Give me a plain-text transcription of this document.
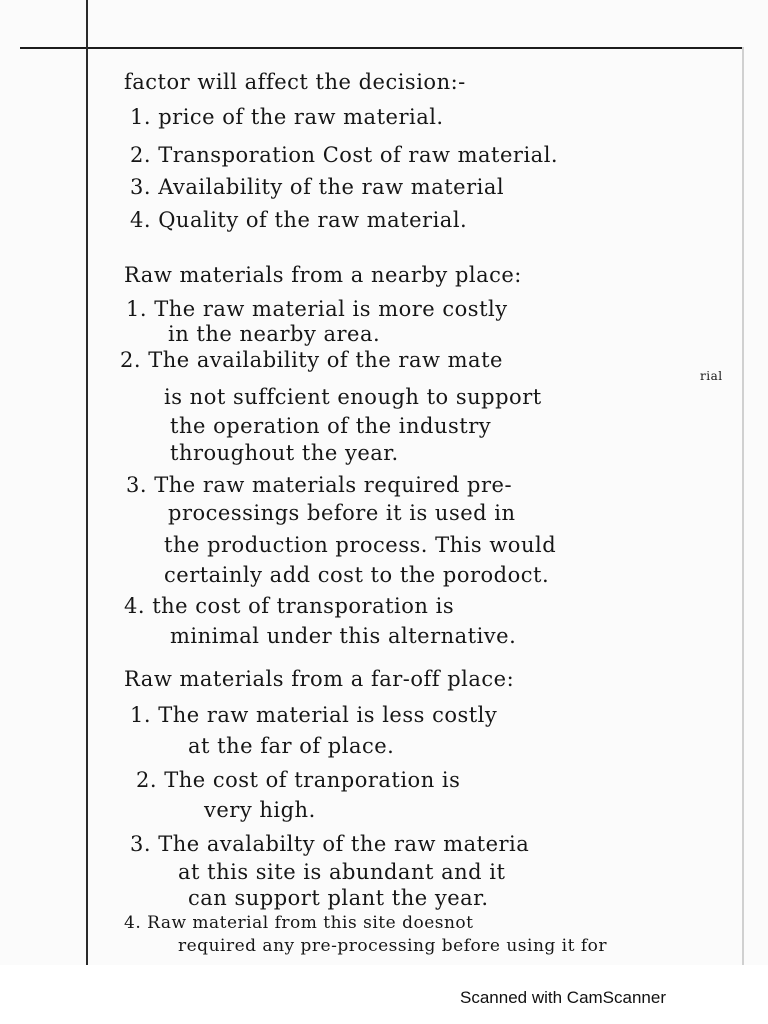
factor will affect the decision:-
1. price of the raw material.
2. Transporation Cost of raw material.
3. Availability of the raw material
4. Quality of the raw material.
Raw materials from a nearby place:
1. The raw material is more costly
in the nearby area.
2. The availability of the raw mate
rial
is not suffcient enough to support
the operation of the industry
throughout the year.
3. The raw materials required pre-
processings before it is used in
the production process. This would
certainly add cost to the porodoct.
4. the cost of transporation is
minimal under this alternative.
Raw materials from a far-off place:
1. The raw material is less costly
at the far of place.
2. The cost of tranporation is
very high.
3. The avalabilty of the raw materia
at this site is abundant and it
can support plant the year.
4. Raw material from this site doesnot
required any pre-processing before using it for
Scanned with CamScanner
